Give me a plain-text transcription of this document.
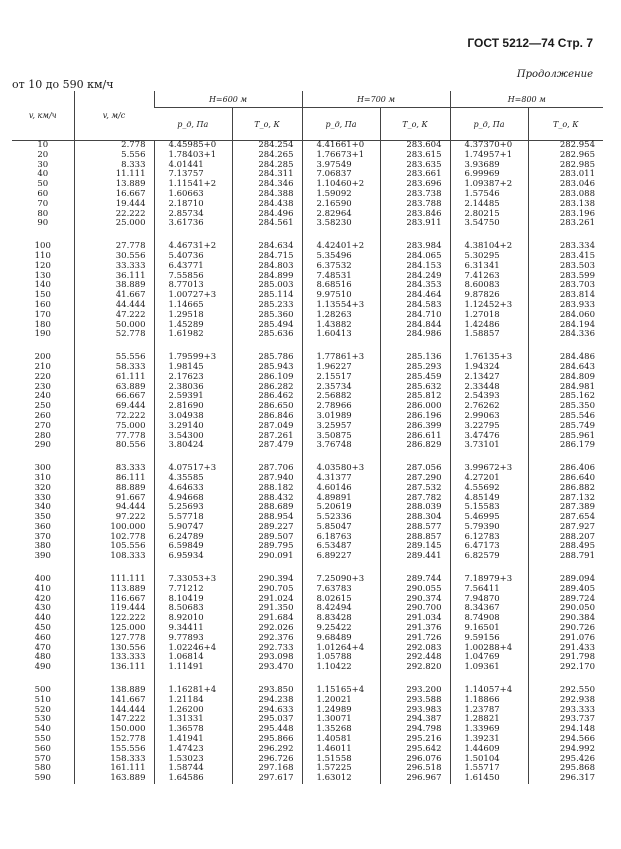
ГОСТ 5212—74 Стр. 7
Продолжение
от 10 до 590 км/ч
v, км/ч	v, м/с	H=600 м		H=700 м		H=800 м	
		p_д, Па	T_о, К	p_д, Па	T_о, К	p_д, Па	T_о, К
10	2.778	4.45985+0	284.254	4.41661+0	283.604	4.37370+0	282.954
20	5.556	1.78403+1	284.265	1.76673+1	283.615	1.74957+1	282.965
30	8.333	4.01441	284.285	3.97549	283.635	3.93689	282.985
40	11.111	7.13757	284.311	7.06837	283.661	6.99969	283.011
50	13.889	1.11541+2	284.346	1.10460+2	283.696	1.09387+2	283.046
60	16.667	1.60663	284.388	1.59092	283.738	1.57546	283.088
70	19.444	2.18710	284.438	2.16590	283.788	2.14485	283.138
80	22.222	2.85734	284.496	2.82964	283.846	2.80215	283.196
90	25.000	3.61736	284.561	3.58230	283.911	3.54750	283.261

100	27.778	4.46731+2	284.634	4.42401+2	283.984	4.38104+2	283.334
110	30.556	5.40736	284.715	5.35496	284.065	5.30295	283.415
120	33.333	6.43771	284.803	6.37532	284.153	6.31341	283.503
130	36.111	7.55856	284.899	7.48531	284.249	7.41263	283.599
140	38.889	8.77013	285.003	8.68516	284.353	8.60083	283.703
150	41.667	1.00727+3	285.114	9.97510	284.464	9.87826	283.814
160	44.444	1.14665	285.233	1.13554+3	284.583	1.12452+3	283.933
170	47.222	1.29518	285.360	1.28263	284.710	1.27018	284.060
180	50.000	1.45289	285.494	1.43882	284.844	1.42486	284.194
190	52.778	1.61982	285.636	1.60413	284.986	1.58857	284.336

200	55.556	1.79599+3	285.786	1.77861+3	285.136	1.76135+3	284.486
210	58.333	1.98145	285.943	1.96227	285.293	1.94324	284.643
220	61.111	2.17623	286.109	2.15517	285.459	2.13427	284.809
230	63.889	2.38036	286.282	2.35734	285.632	2.33448	284.981
240	66.667	2.59391	286.462	2.56882	285.812	2.54393	285.162
250	69.444	2.81690	286.650	2.78966	286.000	2.76262	285.350
260	72.222	3.04938	286.846	3.01989	286.196	2.99063	285.546
270	75.000	3.29140	287.049	3.25957	286.399	3.22795	285.749
280	77.778	3.54300	287.261	3.50875	286.611	3.47476	285.961
290	80.556	3.80424	287.479	3.76748	286.829	3.73101	286.179

300	83.333	4.07517+3	287.706	4.03580+3	287.056	3.99672+3	286.406
310	86.111	4.35585	287.940	4.31377	287.290	4.27201	286.640
320	88.889	4.64633	288.182	4.60146	287.532	4.55692	286.882
330	91.667	4.94668	288.432	4.89891	287.782	4.85149	287.132
340	94.444	5.25693	288.689	5.20619	288.039	5.15583	287.389
350	97.222	5.57718	288.954	5.52336	288.304	5.46995	287.654
360	100.000	5.90747	289.227	5.85047	288.577	5.79390	287.927
370	102.778	6.24789	289.507	6.18763	288.857	6.12783	288.207
380	105.556	6.59849	289.795	6.53487	289.145	6.47173	288.495
390	108.333	6.95934	290.091	6.89227	289.441	6.82579	288.791

400	111.111	7.33053+3	290.394	7.25090+3	289.744	7.18979+3	289.094
410	113.889	7.71212	290.705	7.63783	290.055	7.56411	289.405
420	116.667	8.10419	291.024	8.02615	290.374	7.94870	289.724
430	119.444	8.50683	291.350	8.42494	290.700	8.34367	290.050
440	122.222	8.92010	291.684	8.83428	291.034	8.74908	290.384
450	125.000	9.34411	292.026	9.25422	291.376	9.16501	290.726
460	127.778	9.77893	292.376	9.68489	291.726	9.59156	291.076
470	130.556	1.02246+4	292.733	1.01264+4	292.083	1.00288+4	291.433
480	133.333	1.06814	293.098	1.05788	292.448	1.04769	291.798
490	136.111	1.11491	293.470	1.10422	292.820	1.09361	292.170

500	138.889	1.16281+4	293.850	1.15165+4	293.200	1.14057+4	292.550
510	141.667	1.21184	294.238	1.20021	293.588	1.18866	292.938
520	144.444	1.26200	294.633	1.24989	293.983	1.23787	293.333
530	147.222	1.31331	295.037	1.30071	294.387	1.28821	293.737
540	150.000	1.36578	295.448	1.35268	294.798	1.33969	294.148
550	152.778	1.41941	295.866	1.40581	295.216	1.39231	294.566
560	155.556	1.47423	296.292	1.46011	295.642	1.44609	294.992
570	158.333	1.53023	296.726	1.51558	296.076	1.50104	295.426
580	161.111	1.58744	297.168	1.57225	296.518	1.55717	295.868
590	163.889	1.64586	297.617	1.63012	296.967	1.61450	296.317
